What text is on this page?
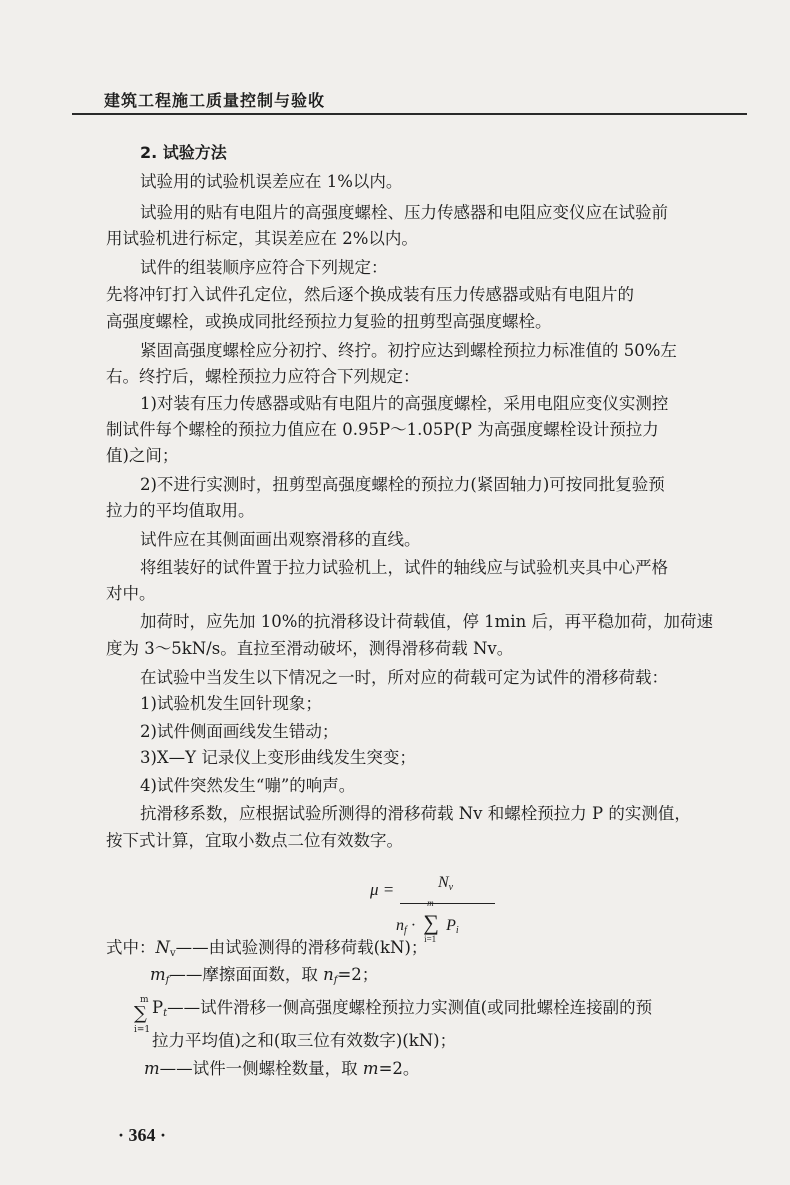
建筑工程施工质量控制与验收
2. 试验方法
试验用的试验机误差应在 1%以内。
试验用的贴有电阻片的高强度螺栓、压力传感器和电阻应变仪应在试验前
用试验机进行标定，其误差应在 2%以内。
试件的组装顺序应符合下列规定：
先将冲钉打入试件孔定位，然后逐个换成装有压力传感器或贴有电阻片的
高强度螺栓，或换成同批经预拉力复验的扭剪型高强度螺栓。
紧固高强度螺栓应分初拧、终拧。初拧应达到螺栓预拉力标准值的 50%左
右。终拧后，螺栓预拉力应符合下列规定：
1)对装有压力传感器或贴有电阻片的高强度螺栓，采用电阻应变仪实测控
制试件每个螺栓的预拉力值应在 0.95P～1.05P(P 为高强度螺栓设计预拉力
值)之间；
2)不进行实测时，扭剪型高强度螺栓的预拉力(紧固轴力)可按同批复验预
拉力的平均值取用。
试件应在其侧面画出观察滑移的直线。
将组装好的试件置于拉力试验机上，试件的轴线应与试验机夹具中心严格
对中。
加荷时，应先加 10%的抗滑移设计荷载值，停 1min 后，再平稳加荷，加荷速
度为 3～5kN/s。直拉至滑动破坏，测得滑移荷载 Nv。
在试验中当发生以下情况之一时，所对应的荷载可定为试件的滑移荷载：
1)试验机发生回针现象；
2)试件侧面画线发生错动；
3)X—Y 记录仪上变形曲线发生突变；
4)试件突然发生“嘣”的响声。
抗滑移系数，应根据试验所测得的滑移荷载 Nv 和螺栓预拉力 P 的实测值，
按下式计算，宜取小数点二位有效数字。
μ =	$N_v$
$n_f$ ·
m
∑
i=1
$P_i$
式中：$N_v——$由试验测得的滑移荷载(kN)；
$m_f——$摩擦面面数，取 $n_f=2$；
m
∑
i=1
$P_t——$试件滑移一侧高强度螺栓预拉力实测值(或同批螺栓连接副的预
拉力平均值)之和(取三位有效数字)(kN)；
m——试件一侧螺栓数量，取 m=2。
· 364 ·
